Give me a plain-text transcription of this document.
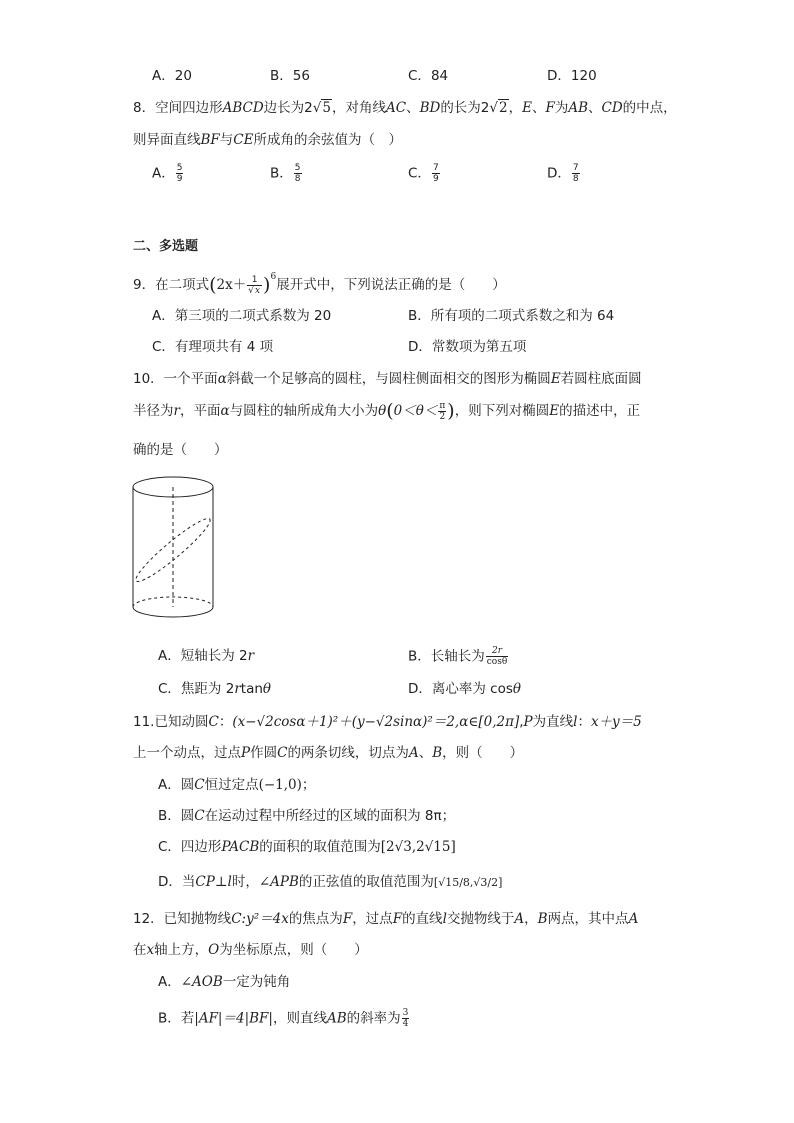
A．20	B．56	C．84	D．120
8．空间四边形ABCD边长为2√5，对角线AC、BD的长为2√2，E、F为AB、CD的中点，
则异面直线BF与CE所成角的余弦值为（　）
A． $\frac{5}{9}$	B． $\frac{5}{8}$	C． $\frac{7}{9}$	D． $\frac{7}{8}$
二、多选题
9．在二项式$(2x+ \frac{1}{√x} )^6$展开式中，下列说法正确的是（　　）
A．第三项的二项式系数为 20	B．所有项的二项式系数之和为 64
C．有理项共有 4 项	D．常数项为第五项
10．一个平面α斜截一个足够高的圆柱，与圆柱侧面相交的图形为椭圆E若圆柱底面圆
半径为r，平面α与圆柱的轴所成角大小为$\theta(0<\theta< \frac{\pi}{2}$ )，则下列对椭圆E的描述中，正
确的是（　　）
A．短轴长为 2r	B．长轴长为 $\frac{2r}{\cos\theta}$
C．焦距为 2rtanθ	D．离心率为 cosθ
11.已知动圆C：(x−√2cosα＋1)²＋(y−√2sinα)²＝2,α∈[0,2π],P为直线l：x＋y＝5
上一个动点，过点P作圆C的两条切线，切点为A、B，则（　　）
A．圆C恒过定点(−1,0)；
B．圆C在运动过程中所经过的区域的面积为 8π；
C．四边形PACB的面积的取值范围为[2√3,2√15]
D．当CP⊥l时，∠APB的正弦值的取值范围为[√15/8,√3/2]
12．已知抛物线C:y²＝4x的焦点为F，过点F的直线l交抛物线于A，B两点，其中点A
在x轴上方，O为坐标原点，则（　　）
A．∠AOB一定为钝角
B．若|AF|＝4|BF|，则直线AB的斜率为 $\frac{3}{4}$
